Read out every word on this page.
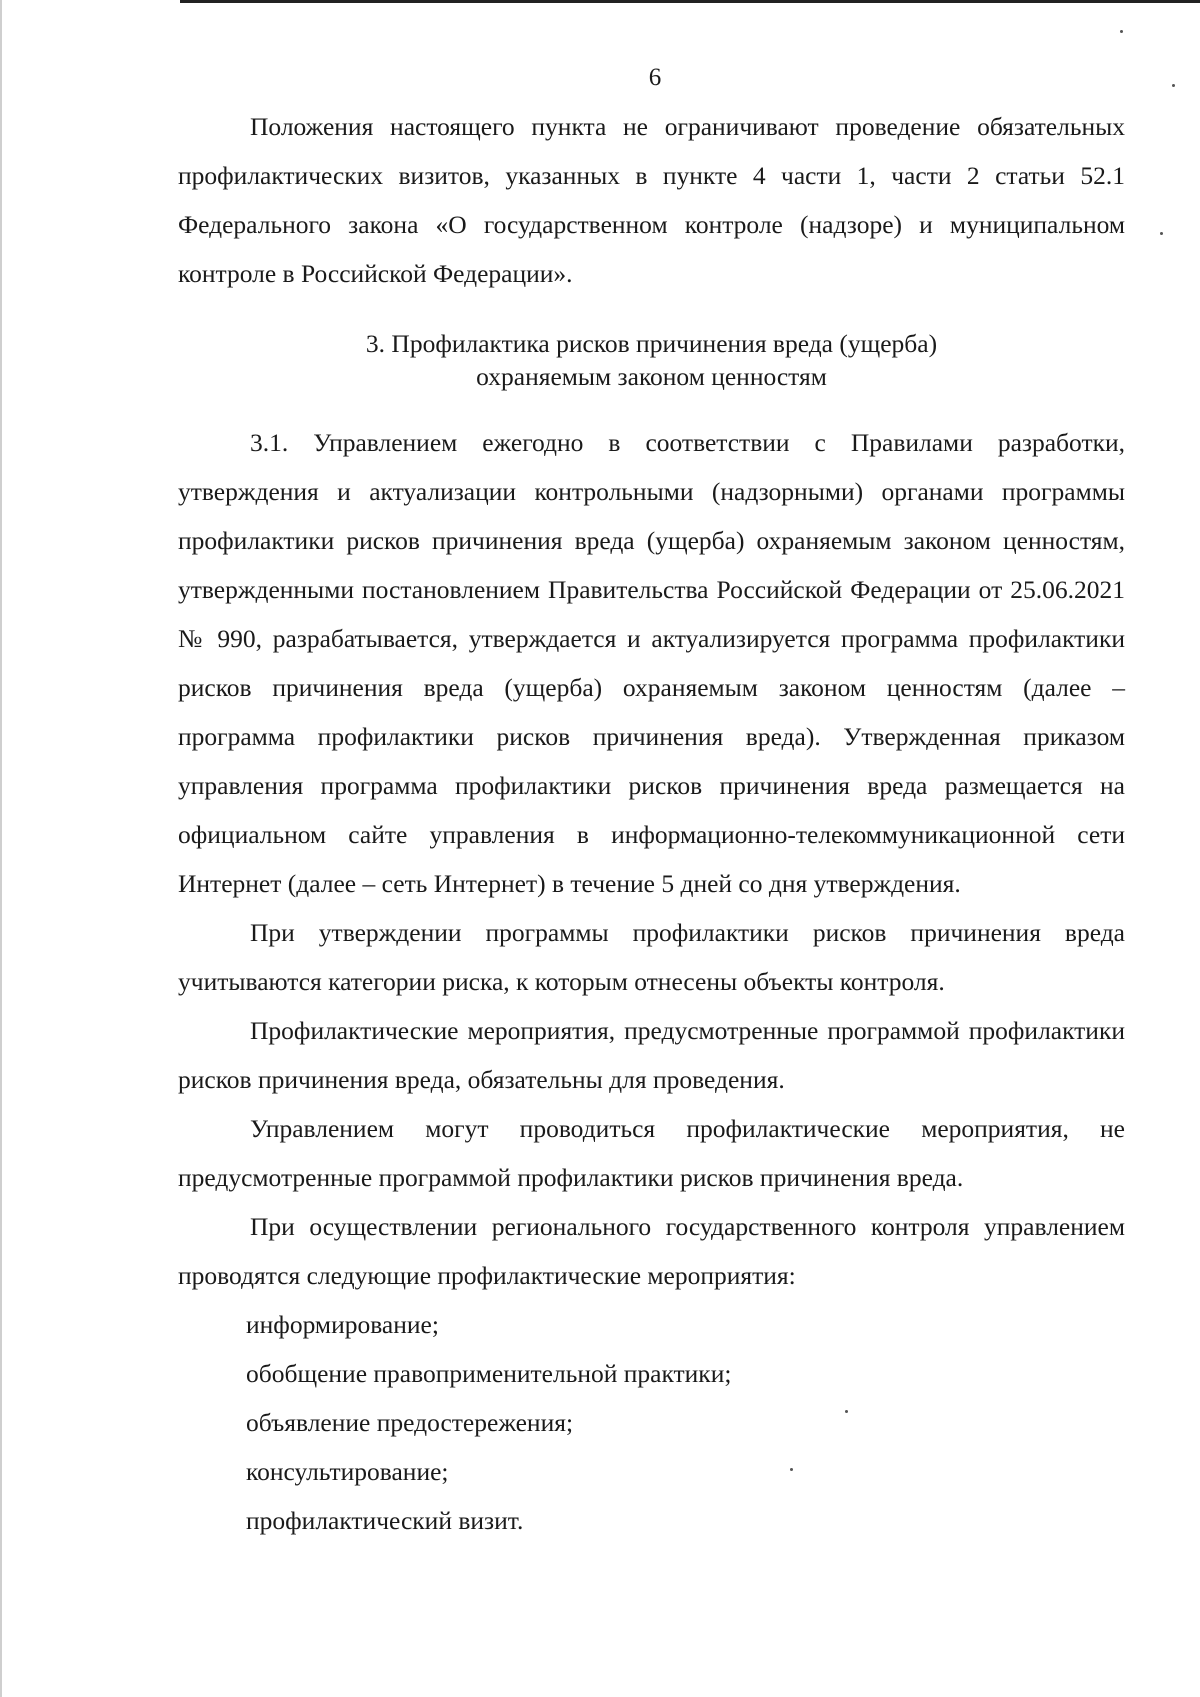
6

Положения настоящего пункта не ограничивают проведение обязательных профилактических визитов, указанных в пункте 4 части 1, части 2 статьи 52.1 Федерального закона «О государственном контроле (надзоре) и муниципальном контроле в Российской Федерации».

3. Профилактика рисков причинения вреда (ущерба)
охраняемым законом ценностям

3.1. Управлением ежегодно в соответствии с Правилами разработки, утверждения и актуализации контрольными (надзорными) органами программы профилактики рисков причинения вреда (ущерба) охраняемым законом ценностям, утвержденными постановлением Правительства Российской Федерации от 25.06.2021 № 990, разрабатывается, утверждается и актуализируется программа профилактики рисков причинения вреда (ущерба) охраняемым законом ценностям (далее – программа профилактики рисков причинения вреда). Утвержденная приказом управления программа профилактики рисков причинения вреда размещается на официальном сайте управления в информационно-телекоммуникационной сети Интернет (далее – сеть Интернет) в течение 5 дней со дня утверждения.

При утверждении программы профилактики рисков причинения вреда учитываются категории риска, к которым отнесены объекты контроля.

Профилактические мероприятия, предусмотренные программой профилактики рисков причинения вреда, обязательны для проведения.

Управлением могут проводиться профилактические мероприятия, не предусмотренные программой профилактики рисков причинения вреда.

При осуществлении регионального государственного контроля управлением проводятся следующие профилактические мероприятия:

информирование;

обобщение правоприменительной практики;

объявление предостережения;

консультирование;

профилактический визит.
